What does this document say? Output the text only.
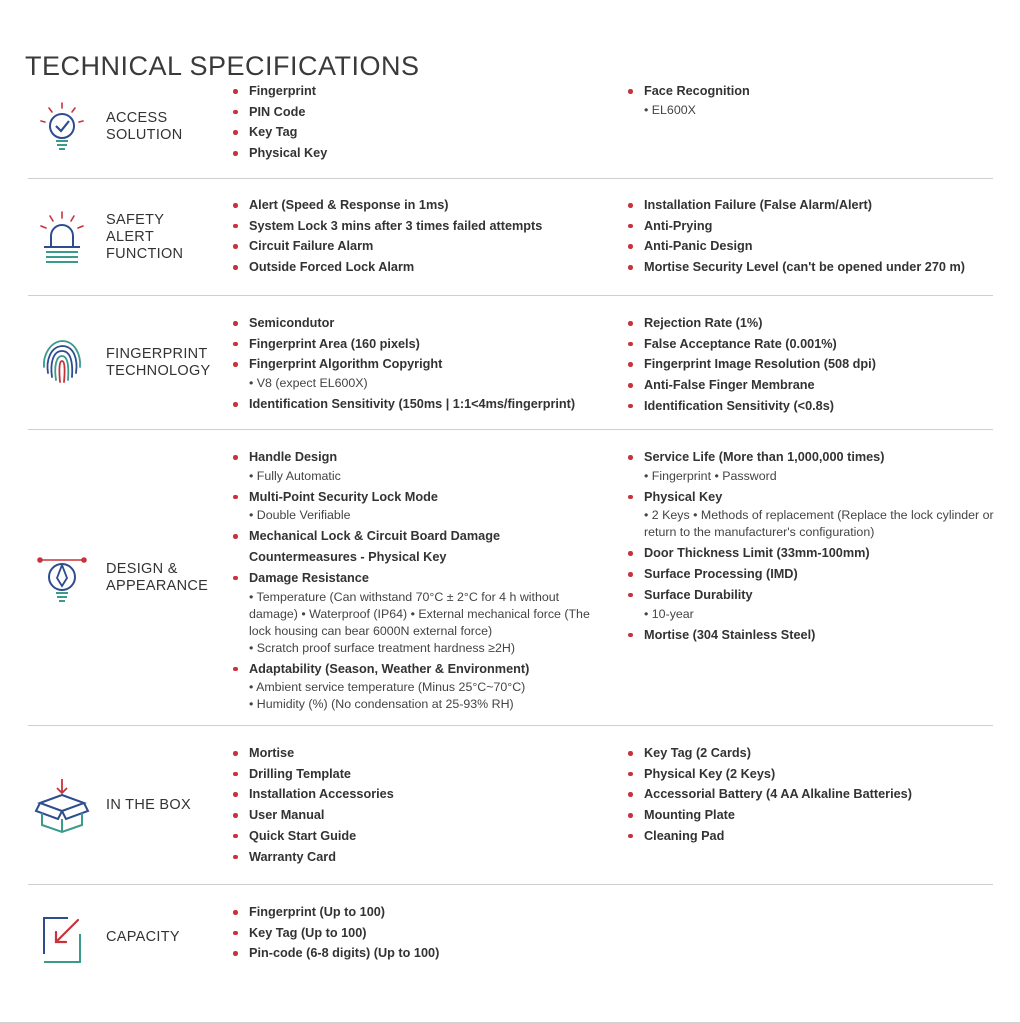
TECHNICAL SPECIFICATIONS
ACCESS
SOLUTION
Fingerprint
PIN Code
Key Tag
Physical Key
Face Recognition
• EL600X
SAFETY
ALERT
FUNCTION
Alert (Speed & Response in 1ms)
System Lock 3 mins after 3 times failed attempts
Circuit Failure Alarm
Outside Forced Lock Alarm
Installation Failure (False Alarm/Alert)
Anti-Prying
Anti-Panic Design
Mortise Security Level (can't be opened under 270 m)
FINGERPRINT
TECHNOLOGY
Semicondutor
Fingerprint Area (160 pixels)
Fingerprint Algorithm Copyright
• V8 (expect EL600X)
Identification Sensitivity (150ms | 1:1<4ms/fingerprint)
Rejection Rate (1%)
False Acceptance Rate (0.001%)
Fingerprint Image Resolution (508 dpi)
Anti-False Finger Membrane
Identification Sensitivity (<0.8s)
DESIGN &
APPEARANCE
Handle Design
• Fully Automatic
Multi-Point Security Lock Mode
• Double Verifiable
Mechanical Lock & Circuit Board Damage Countermeasures - Physical Key
Damage Resistance
• Temperature (Can withstand 70°C ± 2°C for 4 h without damage) • Waterproof (IP64) • External mechanical force (The lock housing can bear 6000N external force)
• Scratch proof surface treatment hardness ≥2H)
Adaptability (Season, Weather & Environment)
• Ambient service temperature (Minus 25°C~70°C)
• Humidity (%) (No condensation at 25-93% RH)
Service Life (More than 1,000,000 times)
• Fingerprint • Password
Physical Key
• 2 Keys • Methods of replacement (Replace the lock cylinder or return to the manufacturer's configuration)
Door Thickness Limit (33mm-100mm)
Surface Processing (IMD)
Surface Durability
• 10-year
Mortise (304 Stainless Steel)
IN THE BOX
Mortise
Drilling Template
Installation Accessories
User Manual
Quick Start Guide
Warranty Card
Key Tag (2 Cards)
Physical Key (2 Keys)
Accessorial Battery (4 AA Alkaline Batteries)
Mounting Plate
Cleaning Pad
CAPACITY
Fingerprint (Up to 100)
Key Tag (Up to 100)
Pin-code (6-8 digits) (Up to 100)
